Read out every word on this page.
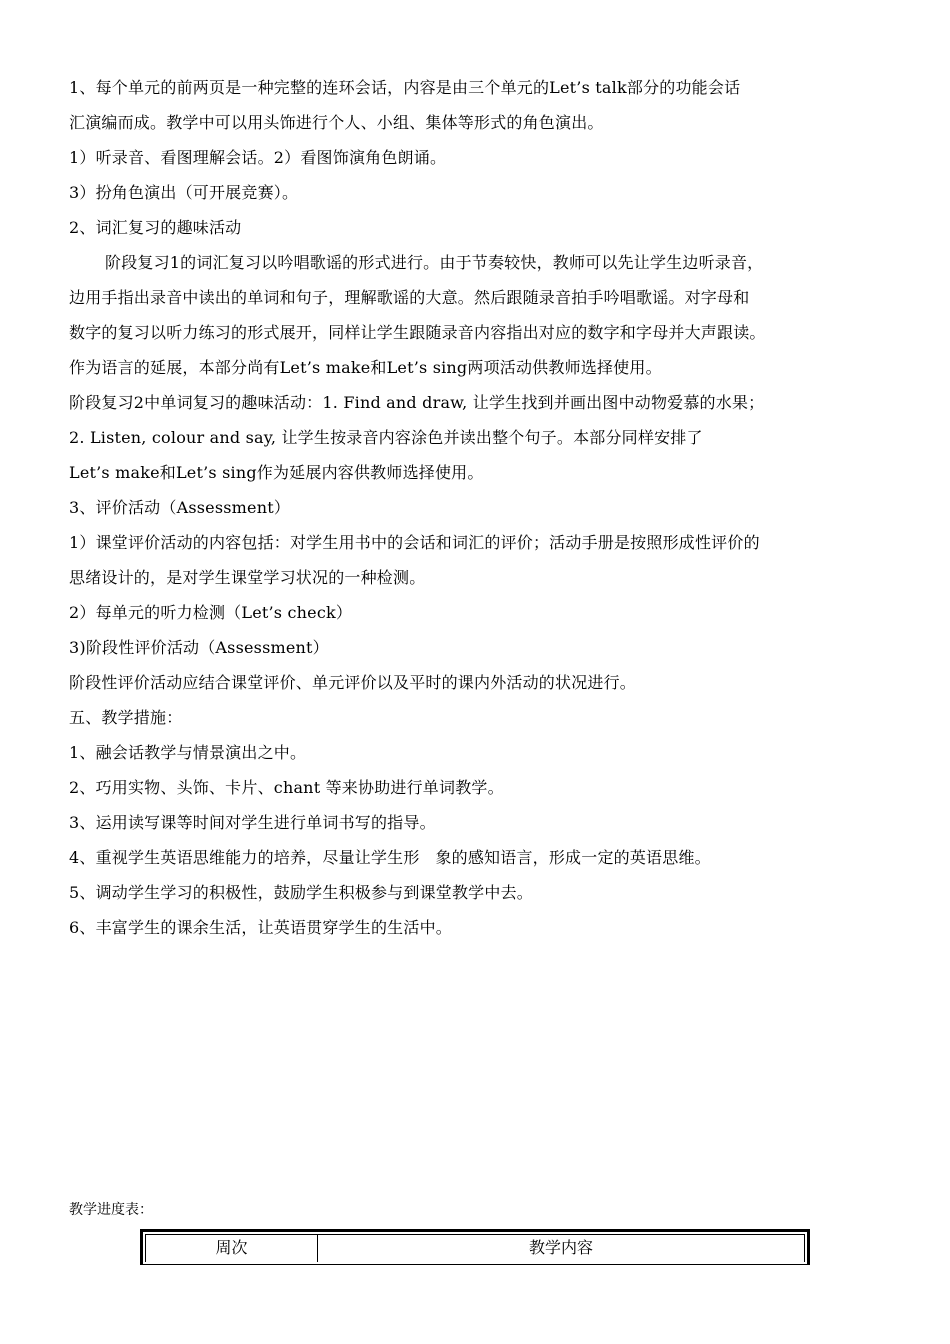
1、每个单元的前两页是一种完整的连环会话，内容是由三个单元的Let’s talk部分的功能会话
汇演编而成。教学中可以用头饰进行个人、小组、集体等形式的角色演出。
1）听录音、看图理解会话。2）看图饰演角色朗诵。
3）扮角色演出（可开展竞赛）。
2、词汇复习的趣味活动
阶段复习1的词汇复习以吟唱歌谣的形式进行。由于节奏较快，教师可以先让学生边听录音，
边用手指出录音中读出的单词和句子，理解歌谣的大意。然后跟随录音拍手吟唱歌谣。对字母和
数字的复习以听力练习的形式展开，同样让学生跟随录音内容指出对应的数字和字母并大声跟读。
作为语言的延展，本部分尚有Let’s make和Let’s sing两项活动供教师选择使用。
阶段复习2中单词复习的趣味活动：1. Find and draw, 让学生找到并画出图中动物爱慕的水果；
2. Listen, colour and say, 让学生按录音内容涂色并读出整个句子。本部分同样安排了
Let’s make和Let’s sing作为延展内容供教师选择使用。
3、评价活动（Assessment）
1）课堂评价活动的内容包括：对学生用书中的会话和词汇的评价；活动手册是按照形成性评价的
思绪设计的，是对学生课堂学习状况的一种检测。
2）每单元的听力检测（Let’s check）
3)阶段性评价活动（Assessment）
阶段性评价活动应结合课堂评价、单元评价以及平时的课内外活动的状况进行。
五、教学措施：
1、融会话教学与情景演出之中。
2、巧用实物、头饰、卡片、chant 等来协助进行单词教学。
3、运用读写课等时间对学生进行单词书写的指导。
4、重视学生英语思维能力的培养，尽量让学生形   象的感知语言，形成一定的英语思维。
5、调动学生学习的积极性，鼓励学生积极参与到课堂教学中去。
6、丰富学生的课余生活，让英语贯穿学生的生活中。
教学进度表：
周次	教学内容
